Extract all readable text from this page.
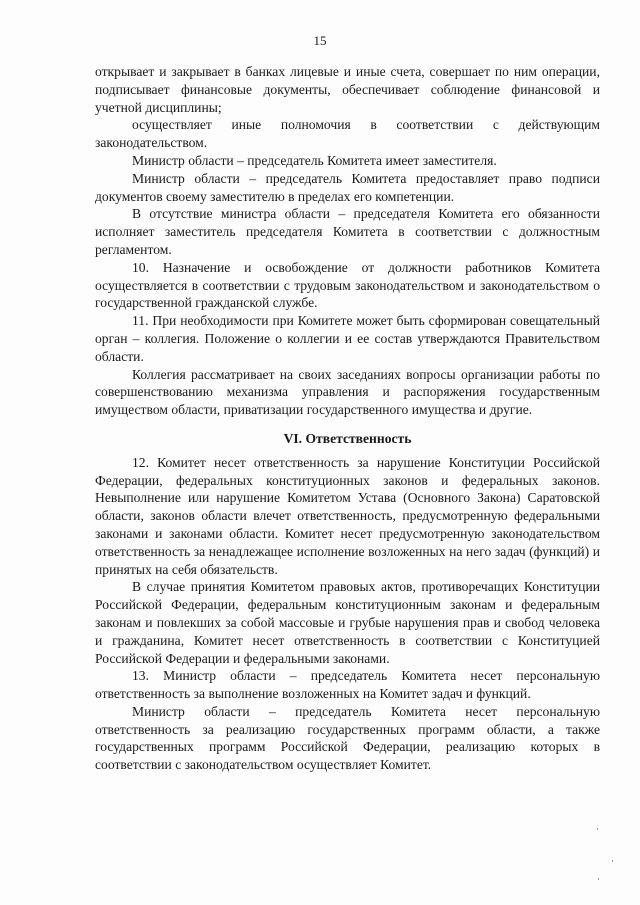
15

открывает и закрывает в банках лицевые и иные счета, совершает по ним операции, подписывает финансовые документы, обеспечивает соблюдение финансовой и учетной дисциплины;

осуществляет иные полномочия в соответствии с действующим законодательством.

Министр области – председатель Комитета имеет заместителя.

Министр области – председатель Комитета предоставляет право подписи документов своему заместителю в пределах его компетенции.

В отсутствие министра области – председателя Комитета его обязанности исполняет заместитель председателя Комитета в соответствии с должностным регламентом.

10. Назначение и освобождение от должности работников Комитета осуществляется в соответствии с трудовым законодательством и законодательством о государственной гражданской службе.

11. При необходимости при Комитете может быть сформирован совещательный орган – коллегия. Положение о коллегии и ее состав утверждаются Правительством области.

Коллегия рассматривает на своих заседаниях вопросы организации работы по совершенствованию механизма управления и распоряжения государственным имуществом области, приватизации государственного имущества и другие.

VI. Ответственность

12. Комитет несет ответственность за нарушение Конституции Российской Федерации, федеральных конституционных законов и федеральных законов. Невыполнение или нарушение Комитетом Устава (Основного Закона) Саратовской области, законов области влечет ответственность, предусмотренную федеральными законами и законами области. Комитет несет предусмотренную законодательством ответственность за ненадлежащее исполнение возложенных на него задач (функций) и принятых на себя обязательств.

В случае принятия Комитетом правовых актов, противоречащих Конституции Российской Федерации, федеральным конституционным законам и федеральным законам и повлекших за собой массовые и грубые нарушения прав и свобод человека и гражданина, Комитет несет ответственность в соответствии с Конституцией Российской Федерации и федеральными законами.

13. Министр области – председатель Комитета несет персональную ответственность за выполнение возложенных на Комитет задач и функций.

Министр области – председатель Комитета несет персональную ответственность за реализацию государственных программ области, а также государственных программ Российской Федерации, реализацию которых в соответствии с законодательством осуществляет Комитет.
